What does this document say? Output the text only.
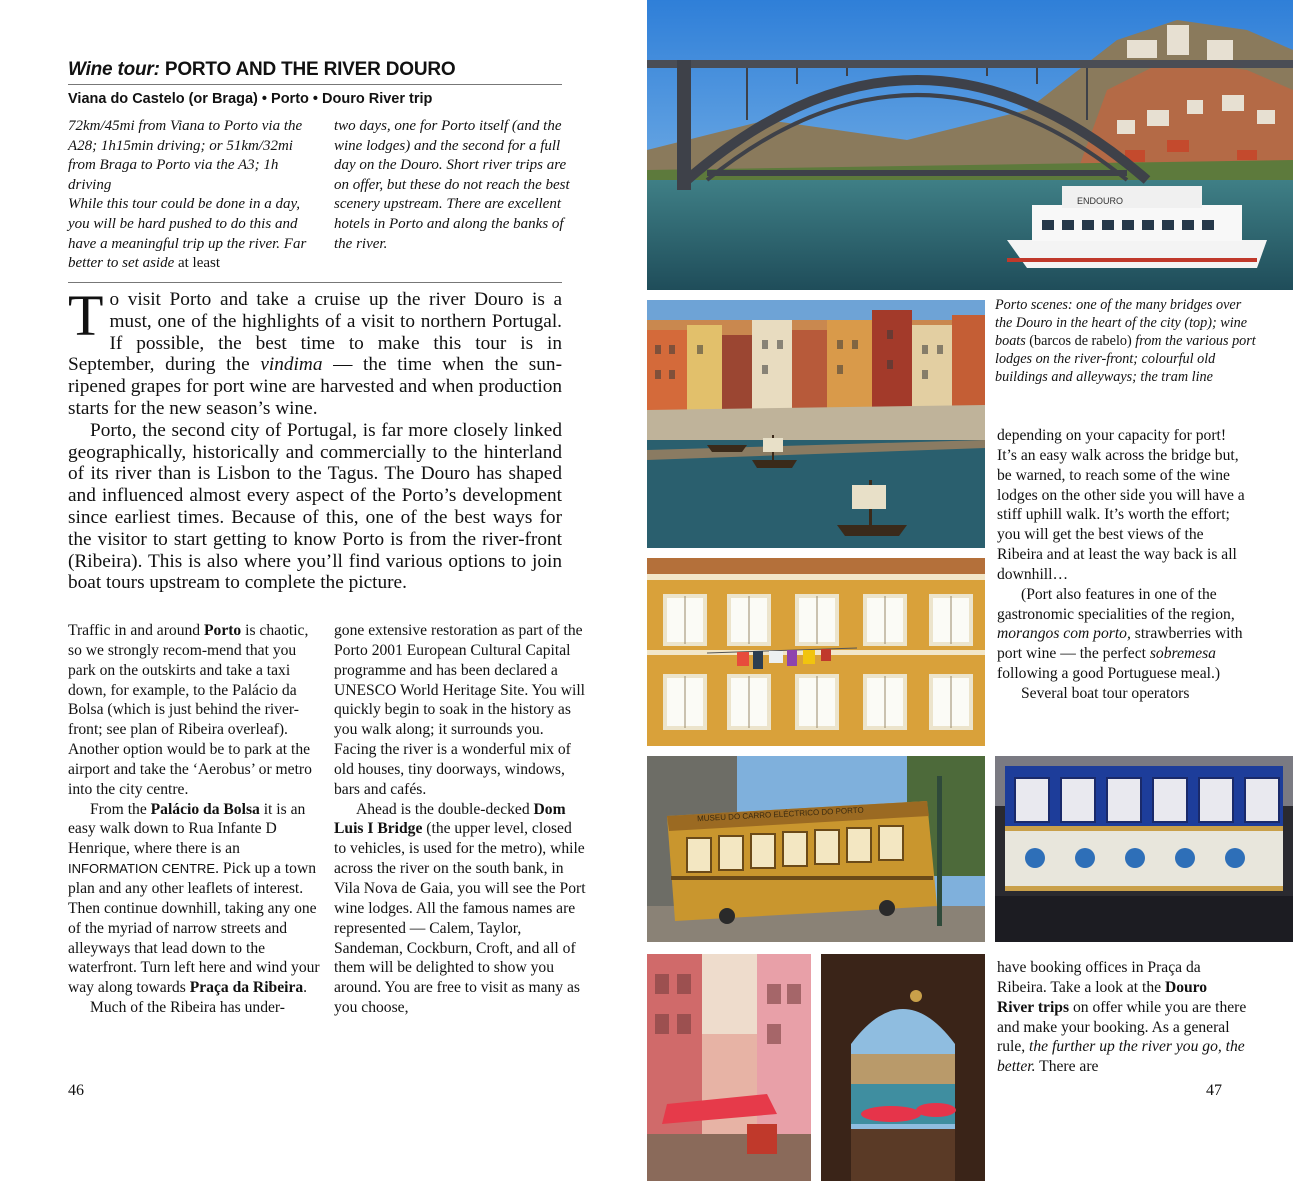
Wine tour: PORTO AND THE RIVER DOURO
Viana do Castelo (or Braga) • Porto • Douro River trip
72km/45mi from Viana to Porto via the A28; 1h15min driving; or 51km/32mi from Braga to Porto via the A3; 1h driving
While this tour could be done in a day, you will be hard pushed to do this and have a meaningful trip up the river. Far better to set aside at least
two days, one for Porto itself (and the wine lodges) and the second for a full day on the Douro. Short river trips are on offer, but these do not reach the best scenery upstream. There are excellent hotels in Porto and along the banks of the river.

To visit Porto and take a cruise up the river Douro is a must, one of the highlights of a visit to northern Portugal. If possible, the best time to make this tour is in September, during the vindima — the time when the sun-ripened grapes for port wine are harvested and when production starts for the new season’s wine.

Porto, the second city of Portugal, is far more closely linked geographically, historically and commercially to the hinterland of its river than is Lisbon to the Tagus. The Douro has shaped and influenced almost every aspect of the Porto’s development since earliest times. Because of this, one of the best ways for the visitor to start getting to know Porto is from the river-front (Ribeira). This is also where you’ll find various options to join boat tours upstream to complete the picture.

Traffic in and around Porto is chaotic, so we strongly recom-mend that you park on the outskirts and take a taxi down, for example, to the Palácio da Bolsa (which is just behind the river-front; see plan of Ribeira overleaf). Another option would be to park at the airport and take the ‘Aerobus’ or metro into the city centre.

From the Palácio da Bolsa it is an easy walk down to Rua Infante D Henrique, where there is an INFORMATION CENTRE. Pick up a town plan and any other leaflets of interest. Then continue downhill, taking any one of the myriad of narrow streets and alleyways that lead down to the waterfront. Turn left here and wind your way along towards Praça da Ribeira.

Much of the Ribeira has under-

gone extensive restoration as part of the Porto 2001 European Cultural Capital programme and has been declared a UNESCO World Heritage Site. You will quickly begin to soak in the history as you walk along; it surrounds you. Facing the river is a wonderful mix of old houses, tiny doorways, windows, bars and cafés.

Ahead is the double-decked Dom Luis I Bridge (the upper level, closed to vehicles, is used for the metro), while across the river on the south bank, in Vila Nova de Gaia, you will see the Port wine lodges. All the famous names are represented — Calem, Taylor, Sandeman, Cockburn, Croft, and all of them will be delighted to show you around. You are free to visit as many as you choose,

46
ENDOURO
MUSEU DO CARRO ELÉCTRICO DO PORTO
Porto scenes: one of the many bridges over the Douro in the heart of the city (top); wine boats (barcos de rabelo) from the various port lodges on the river-front; colourful old buildings and alleyways; the tram line

depending on your capacity for port! It’s an easy walk across the bridge but, be warned, to reach some of the wine lodges on the other side you will have a stiff uphill walk. It’s worth the effort; you will get the best views of the Ribeira and at least the way back is all downhill…

(Port also features in one of the gastronomic specialities of the region, morangos com porto, strawberries with port wine — the perfect sobremesa following a good Portuguese meal.)

Several boat tour operators

have booking offices in Praça da Ribeira. Take a look at the Douro River trips on offer while you are there and make your booking. As a general rule, the further up the river you go, the better. There are

47
